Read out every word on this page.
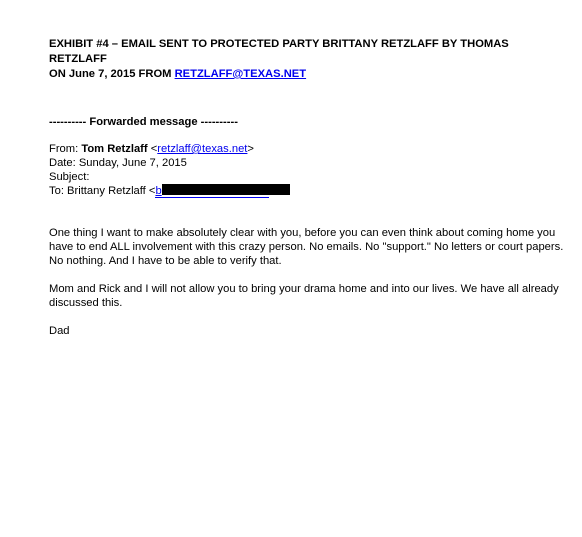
EXHIBIT #4 – EMAIL SENT TO PROTECTED PARTY BRITTANY RETZLAFF BY THOMAS RETZLAFF
ON June 7, 2015 FROM RETZLAFF@TEXAS.NET

---------- Forwarded message ----------
From: Tom Retzlaff <retzlaff@texas.net>
Date: Sunday, June 7, 2015
Subject:
To: Brittany Retzlaff <b

One thing I want to make absolutely clear with you, before you can even think about coming home you have to end ALL involvement with this crazy person. No emails. No "support." No letters or court papers. No nothing. And I have to be able to verify that.

Mom and Rick and I will not allow you to bring your drama home and into our lives. We have all already discussed this.

Dad
